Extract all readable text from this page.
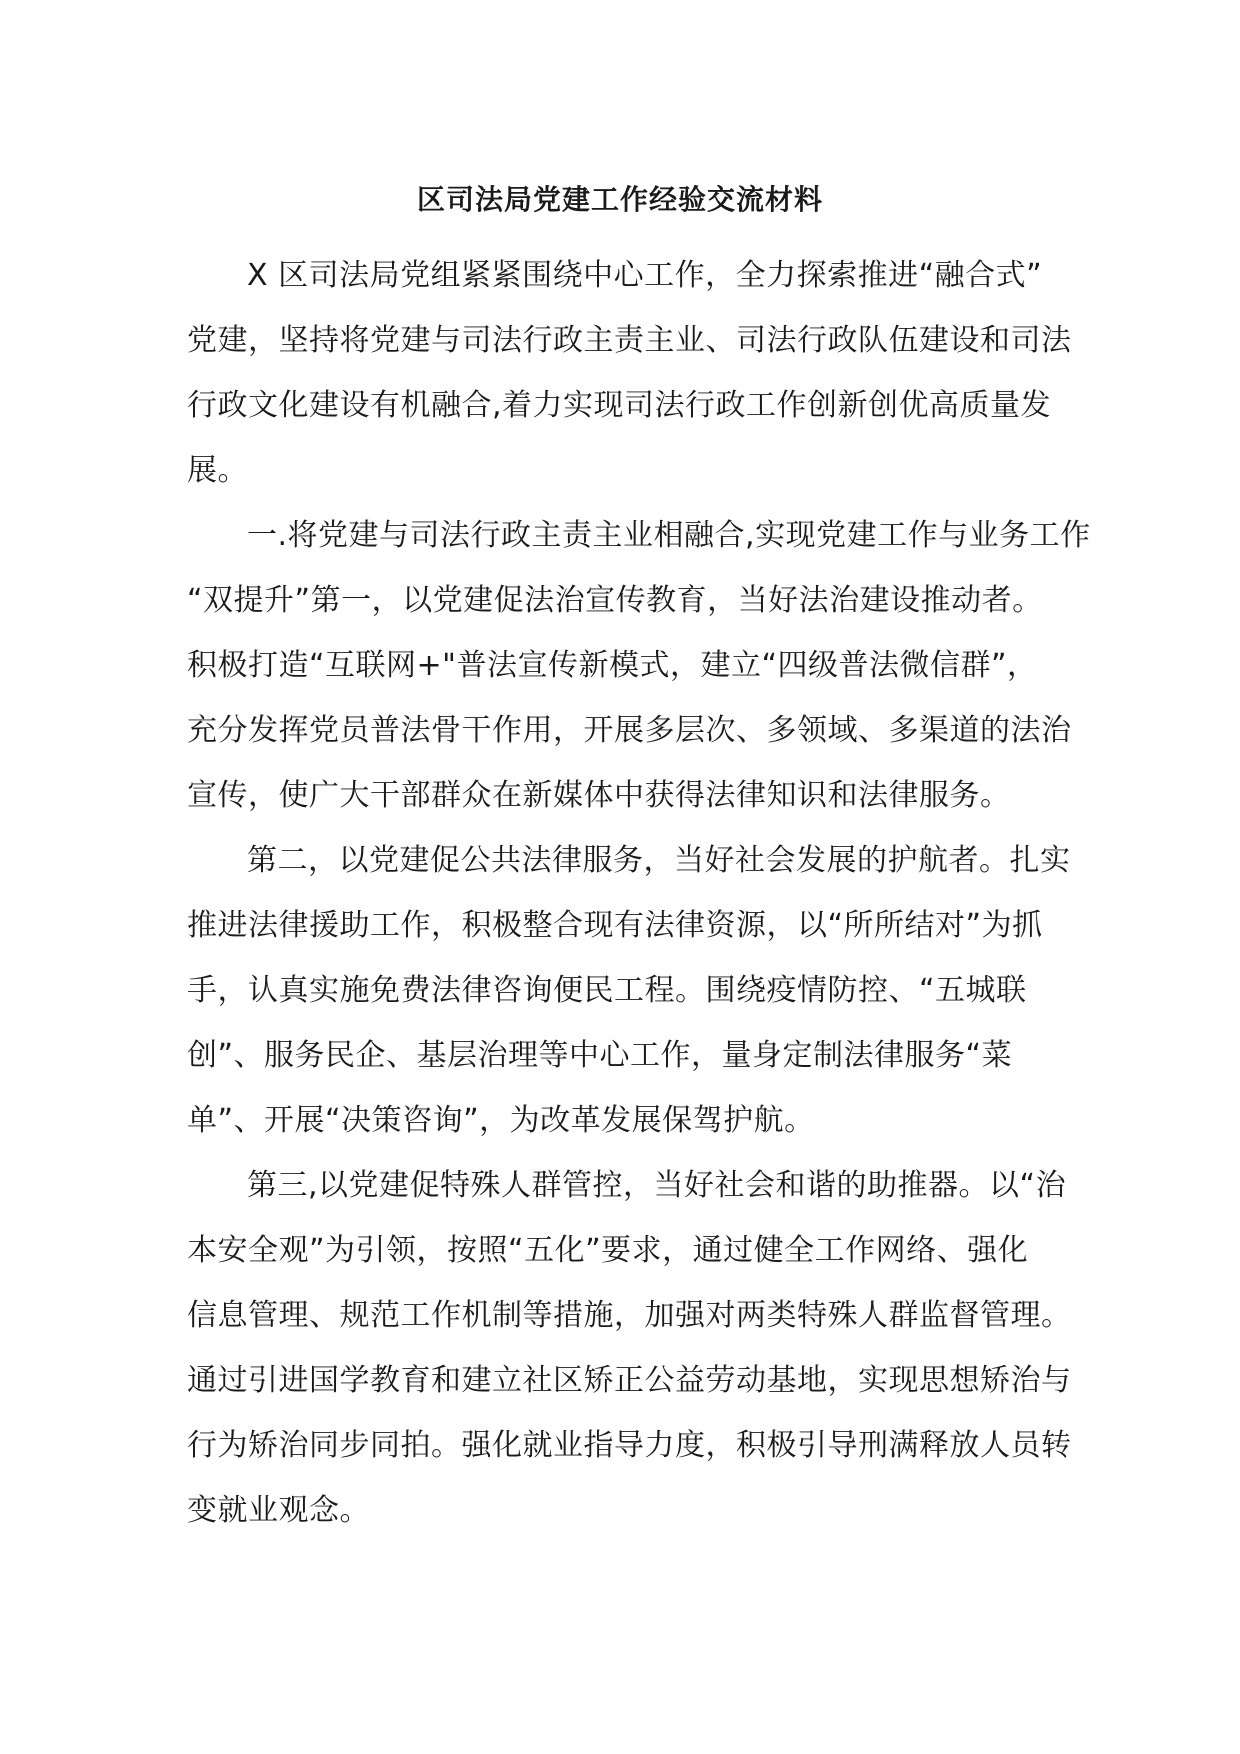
区司法局党建工作经验交流材料
X 区司法局党组紧紧围绕中心工作，全力探索推进“融合式”
党建，坚持将党建与司法行政主责主业、司法行政队伍建设和司法
行政文化建设有机融合,着力实现司法行政工作创新创优高质量发
展。
一.将党建与司法行政主责主业相融合,实现党建工作与业务工作
“双提升”第一，以党建促法治宣传教育，当好法治建设推动者。
积极打造“互联网+"普法宣传新模式，建立“四级普法微信群”，
充分发挥党员普法骨干作用，开展多层次、多领域、多渠道的法治
宣传，使广大干部群众在新媒体中获得法律知识和法律服务。
第二，以党建促公共法律服务，当好社会发展的护航者。扎实
推进法律援助工作，积极整合现有法律资源，以“所所结对”为抓
手，认真实施免费法律咨询便民工程。围绕疫情防控、“五城联
创”、服务民企、基层治理等中心工作，量身定制法律服务“菜
单”、开展“决策咨询”，为改革发展保驾护航。
第三,以党建促特殊人群管控，当好社会和谐的助推器。以“治
本安全观”为引领，按照“五化”要求，通过健全工作网络、强化
信息管理、规范工作机制等措施，加强对两类特殊人群监督管理。
通过引进国学教育和建立社区矫正公益劳动基地，实现思想矫治与
行为矫治同步同拍。强化就业指导力度，积极引导刑满释放人员转
变就业观念。
